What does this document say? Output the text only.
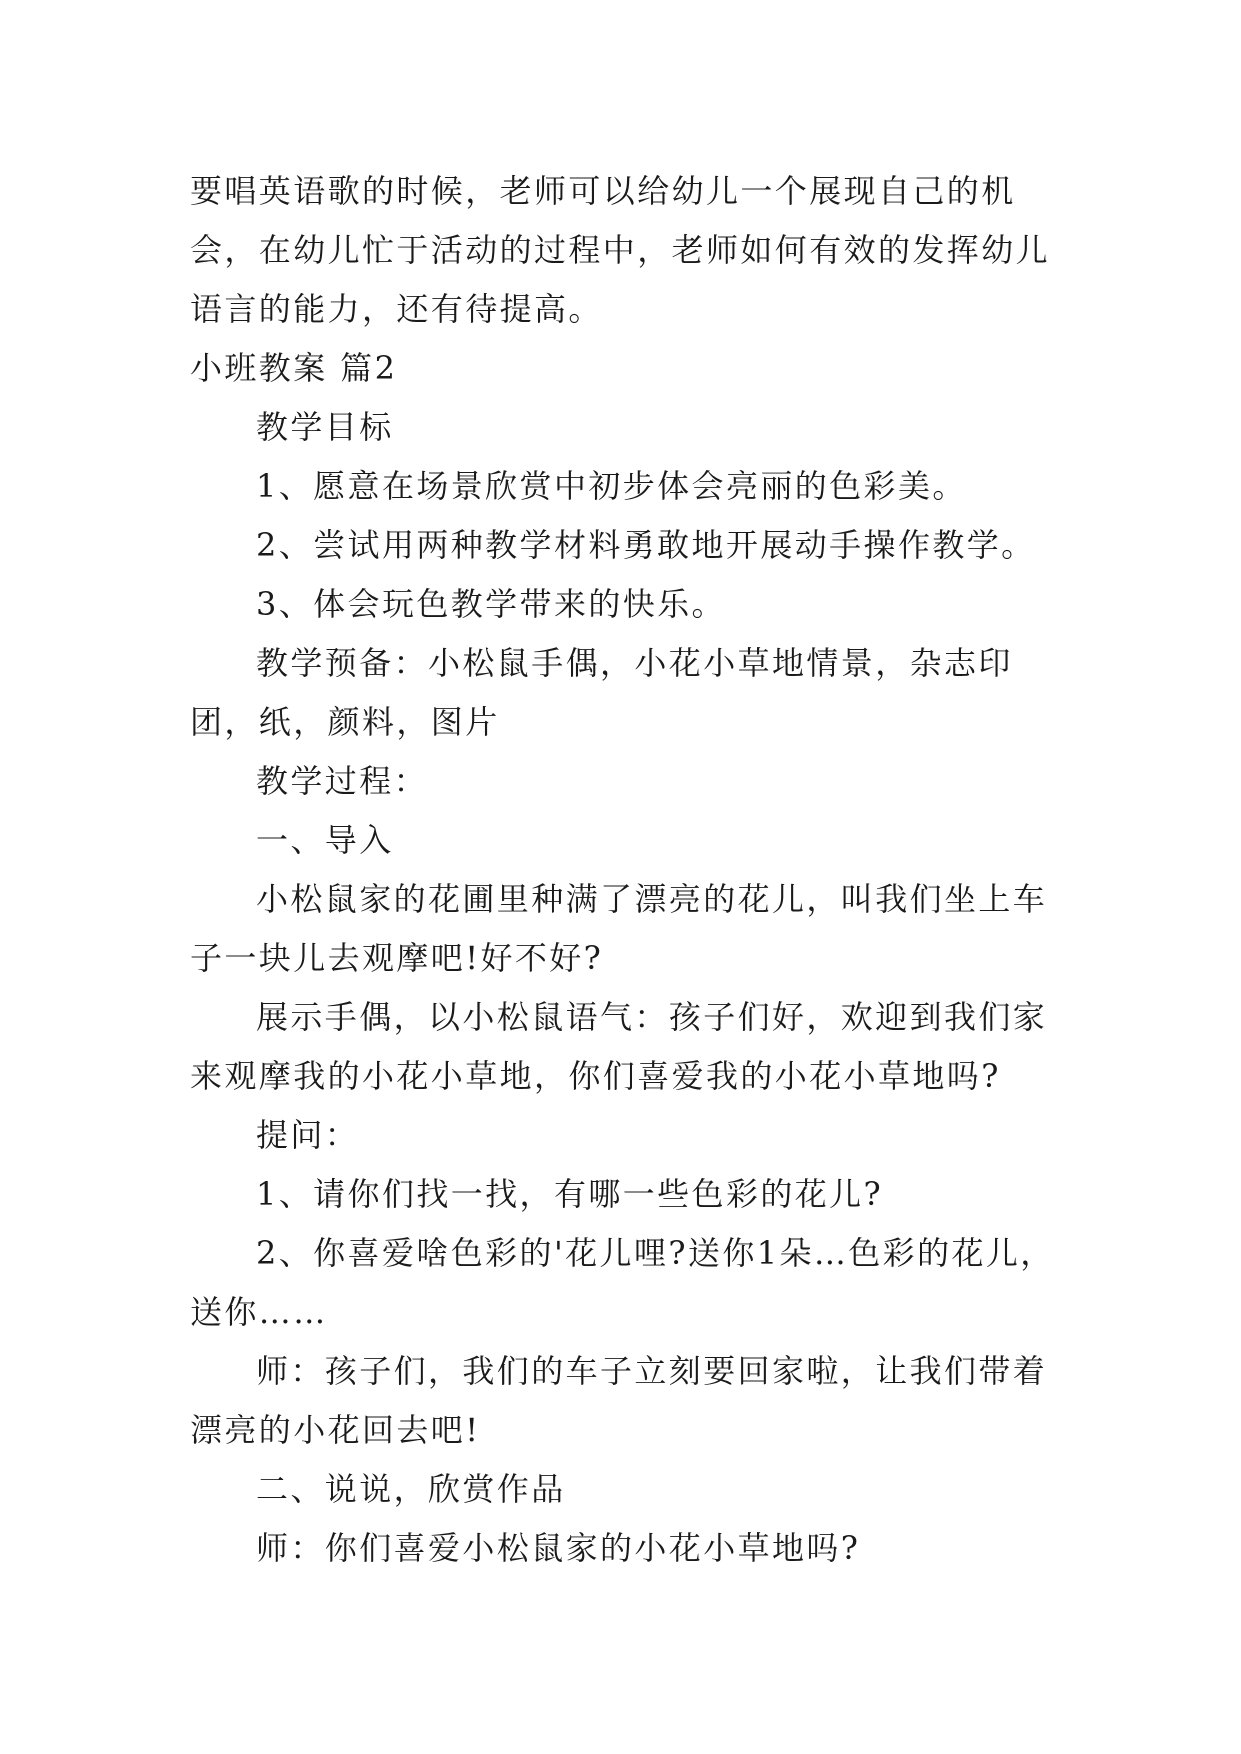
要唱英语歌的时候，老师可以给幼儿一个展现自己的机会，在幼儿忙于活动的过程中，老师如何有效的发挥幼儿语言的能力，还有待提高。

小班教案 篇2

教学目标

1、愿意在场景欣赏中初步体会亮丽的色彩美。

2、尝试用两种教学材料勇敢地开展动手操作教学。

3、体会玩色教学带来的快乐。

教学预备：小松鼠手偶，小花小草地情景，杂志印团，纸，颜料，图片

教学过程：

一、导入

小松鼠家的花圃里种满了漂亮的花儿，叫我们坐上车子一块儿去观摩吧!好不好?

展示手偶，以小松鼠语气：孩子们好，欢迎到我们家来观摩我的小花小草地，你们喜爱我的小花小草地吗?

提问：

1、请你们找一找，有哪一些色彩的花儿?

2、你喜爱啥色彩的'花儿哩?送你1朵…色彩的花儿，送你……

师：孩子们，我们的车子立刻要回家啦，让我们带着漂亮的小花回去吧!

二、说说，欣赏作品

师：你们喜爱小松鼠家的小花小草地吗?
